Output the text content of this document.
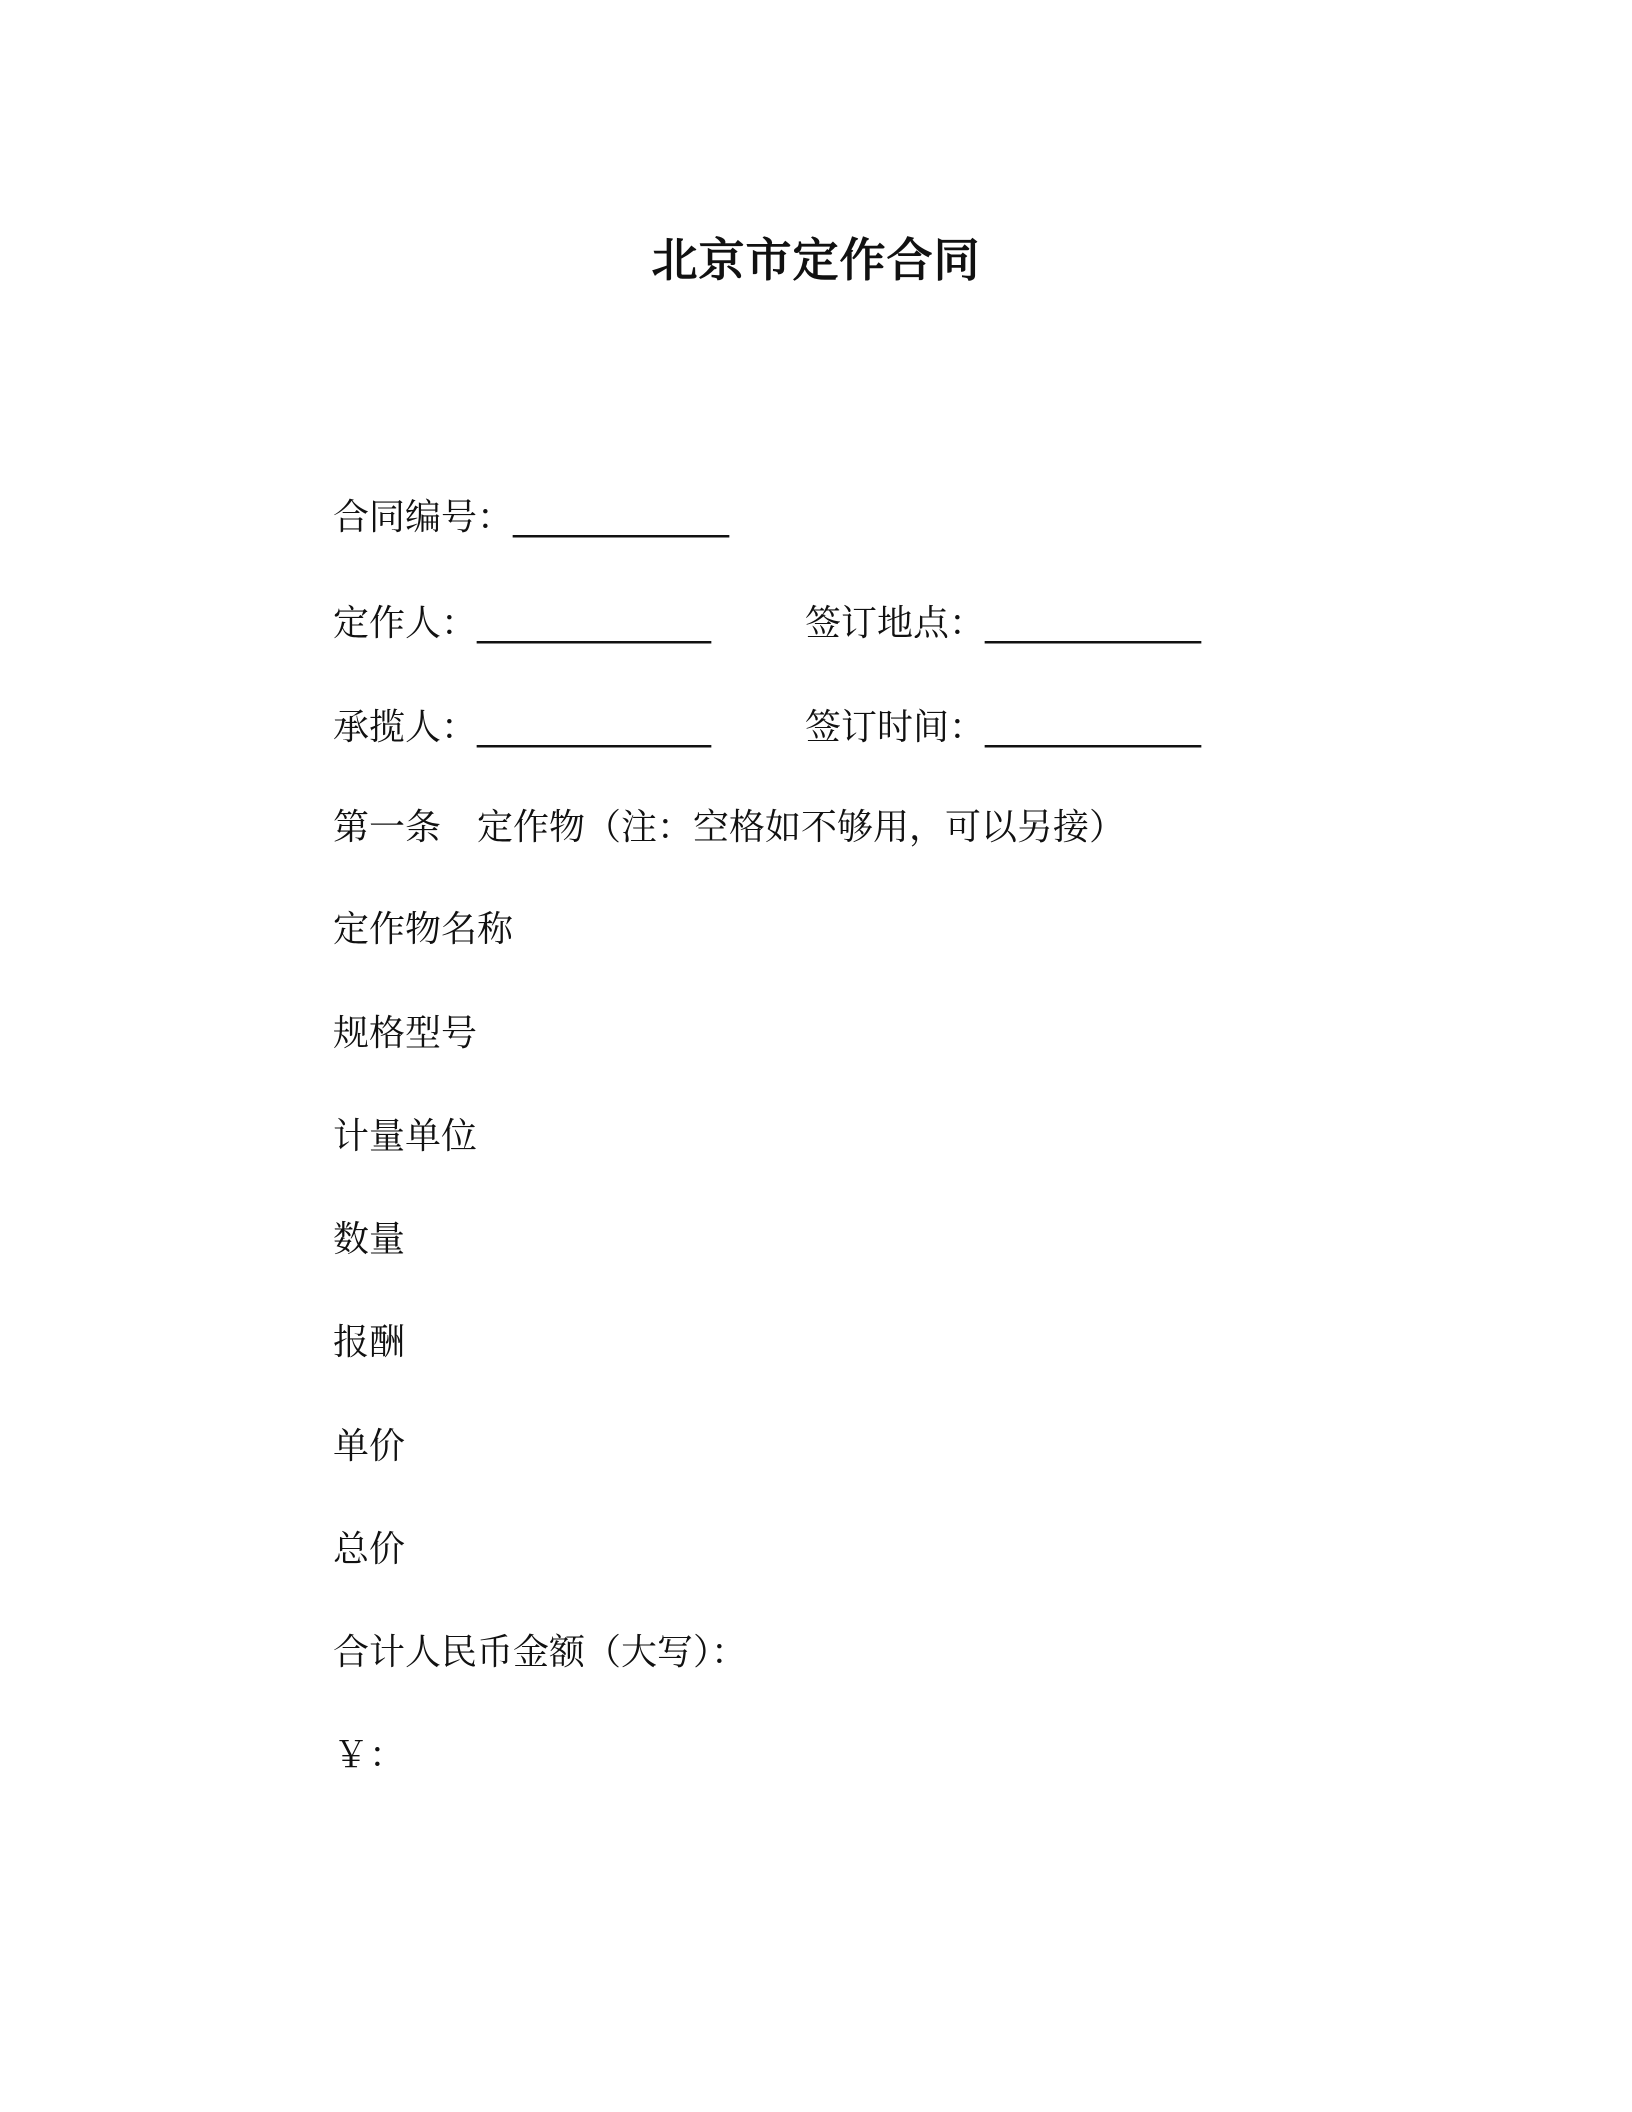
北京市定作合同
合同编号：____________
定作人：_____________	签订地点：____________
承揽人：_____________	签订时间：____________
第一条　定作物（注：空格如不够用，可以另接）
定作物名称
规格型号
计量单位
数量
报酬
单价
总价
合计人民币金额（大写）：
￥：
